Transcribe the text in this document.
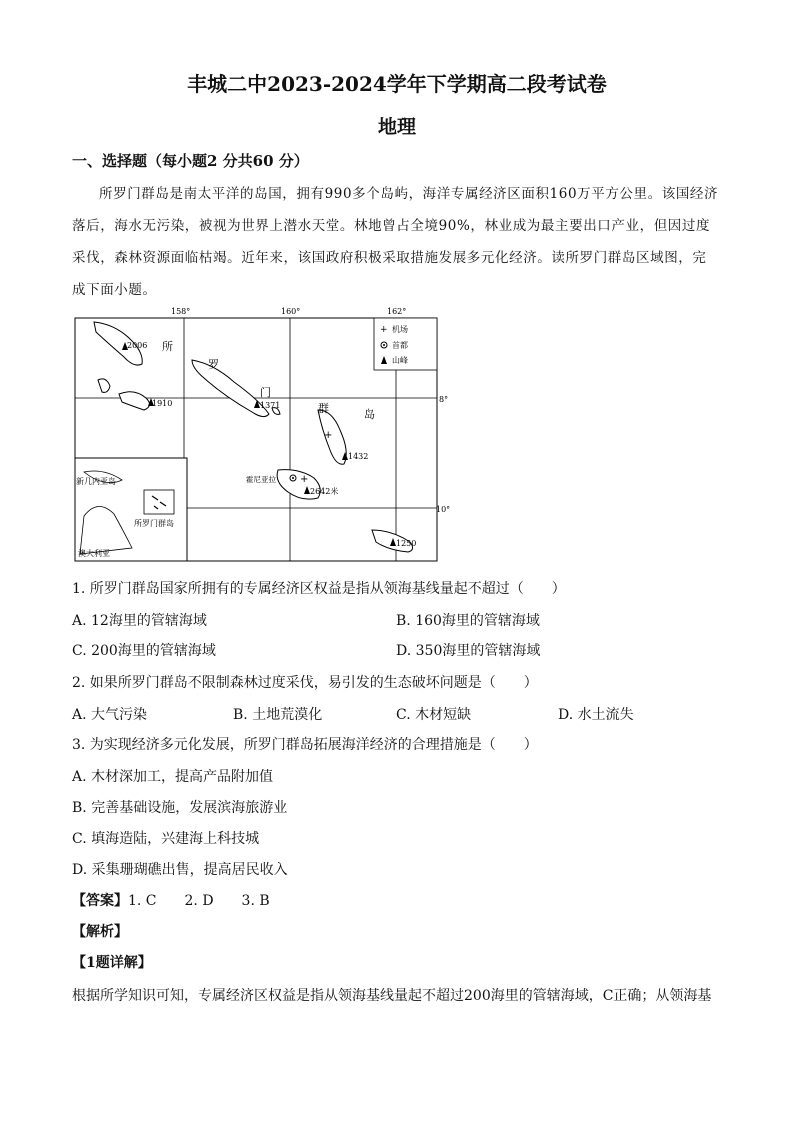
丰城二中2023-2024学年下学期高二段考试卷
地理
一、选择题（每小题2 分共60 分）
所罗门群岛是南太平洋的岛国，拥有990多个岛屿，海洋专属经济区面积160万平方公里。该国经济落后，海水无污染，被视为世界上潜水天堂。林地曾占全境90%，林业成为最主要出口产业，但因过度采伐，森林资源面临枯竭。近年来，该国政府积极采取措施发展多元化经济。读所罗门群岛区域图，完成下面小题。
158°	160°	162°
8°
10°
+ 机场
首都
山峰
所
罗
门
群	岛
2006
1910	1371
1432
2642米
1250
+
+
霍尼亚拉
新几内亚岛
所罗门群岛
澳大利亚
1. 所罗门群岛国家所拥有的专属经济区权益是指从领海基线量起不超过（　　）
A. 12海里的管辖海域	B. 160海里的管辖海域
C. 200海里的管辖海域	D. 350海里的管辖海域
2. 如果所罗门群岛不限制森林过度采伐，易引发的生态破坏问题是（　　）
A. 大气污染	B. 土地荒漠化	C. 木材短缺	D. 水土流失
3. 为实现经济多元化发展，所罗门群岛拓展海洋经济的合理措施是（　　）
A. 木材深加工，提高产品附加值
B. 完善基础设施，发展滨海旅游业
C. 填海造陆，兴建海上科技城
D. 采集珊瑚礁出售，提高居民收入
【答案】1. C　　2. D　　3. B
【解析】
【1题详解】
根据所学知识可知，专属经济区权益是指从领海基线量起不超过200海里的管辖海域，C正确；从领海基
